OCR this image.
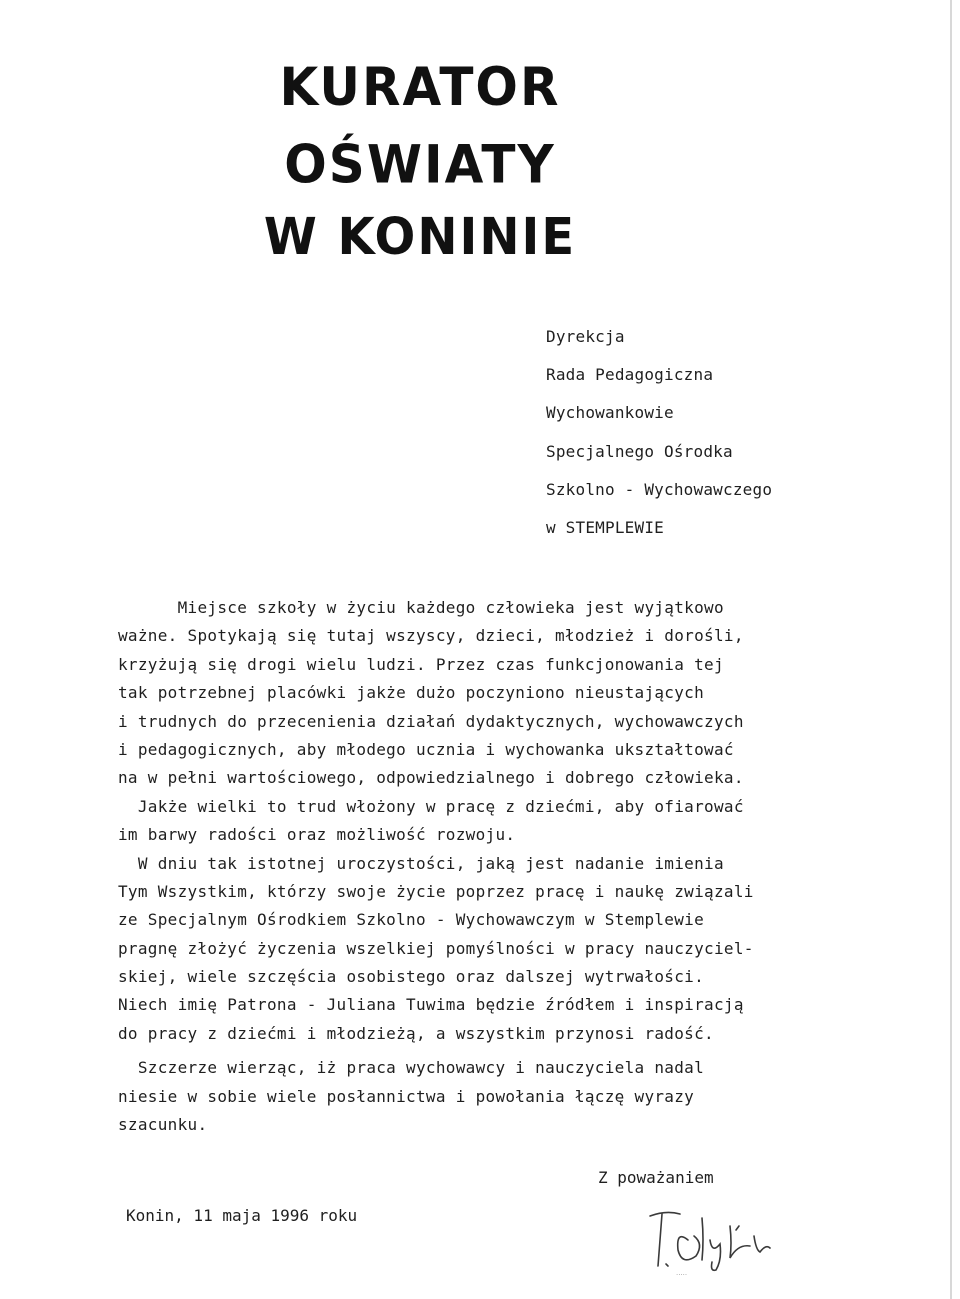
KURATOR OŚWIATY
W KONINIE
Dyrekcja
Rada Pedagogiczna
Wychowankowie
Specjalnego Ośrodka
Szkolno - Wychowawczego
w STEMPLEWIE
Miejsce szkoły w życiu każdego człowieka jest wyjątkowo
ważne. Spotykają się tutaj wszyscy, dzieci, młodzież i dorośli,
krzyżują się drogi wielu ludzi. Przez czas funkcjonowania tej
tak potrzebnej placówki jakże dużo poczyniono nieustających
i trudnych do przecenienia działań dydaktycznych, wychowawczych
i pedagogicznych, aby młodego ucznia i wychowanka ukształtować
na w pełni wartościowego, odpowiedzialnego i dobrego człowieka.
Jakże wielki to trud włożony w pracę z dziećmi, aby ofiarować
im barwy radości oraz możliwość rozwoju.
W dniu tak istotnej uroczystości, jaką jest nadanie imienia
Tym Wszystkim, którzy swoje życie poprzez pracę i naukę związali
ze Specjalnym Ośrodkiem Szkolno - Wychowawczym w Stemplewie
pragnę złożyć życzenia wszelkiej pomyślności w pracy nauczyciel-
skiej, wiele szczęścia osobistego oraz dalszej wytrwałości.
Niech imię Patrona - Juliana Tuwima będzie źródłem i inspiracją
do pracy z dziećmi i młodzieżą, a wszystkim przynosi radość.
Szczerze wierząc, iż praca wychowawcy i nauczyciela nadal
niesie w sobie wiele posłannictwa i powołania łączę wyrazy
szacunku.
Z poważaniem
Konin, 11 maja 1996 roku
·····
